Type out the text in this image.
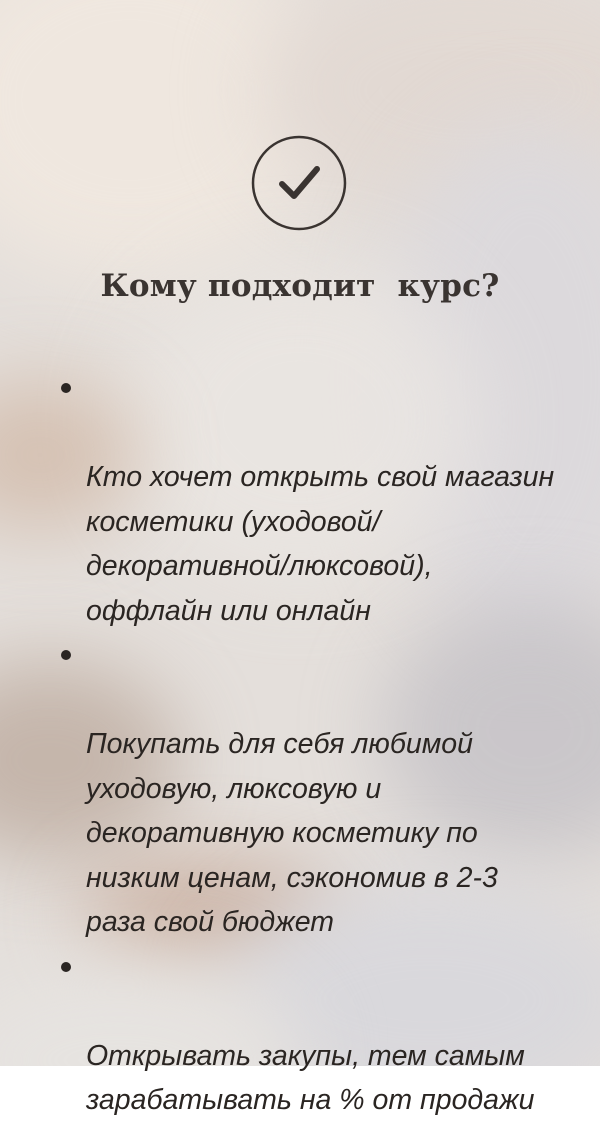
Кому подходит  курс?

Кто хочет открыть свой магазин
косметики (уходовой/
декоративной/люксовой),
оффлайн или онлайн

Покупать для себя любимой
уходовую, люксовую и
декоративную косметику по
низким ценам, сэкономив в 2-3
раза свой бюджет

Открывать закупы, тем самым
зарабатывать на % от продажи
